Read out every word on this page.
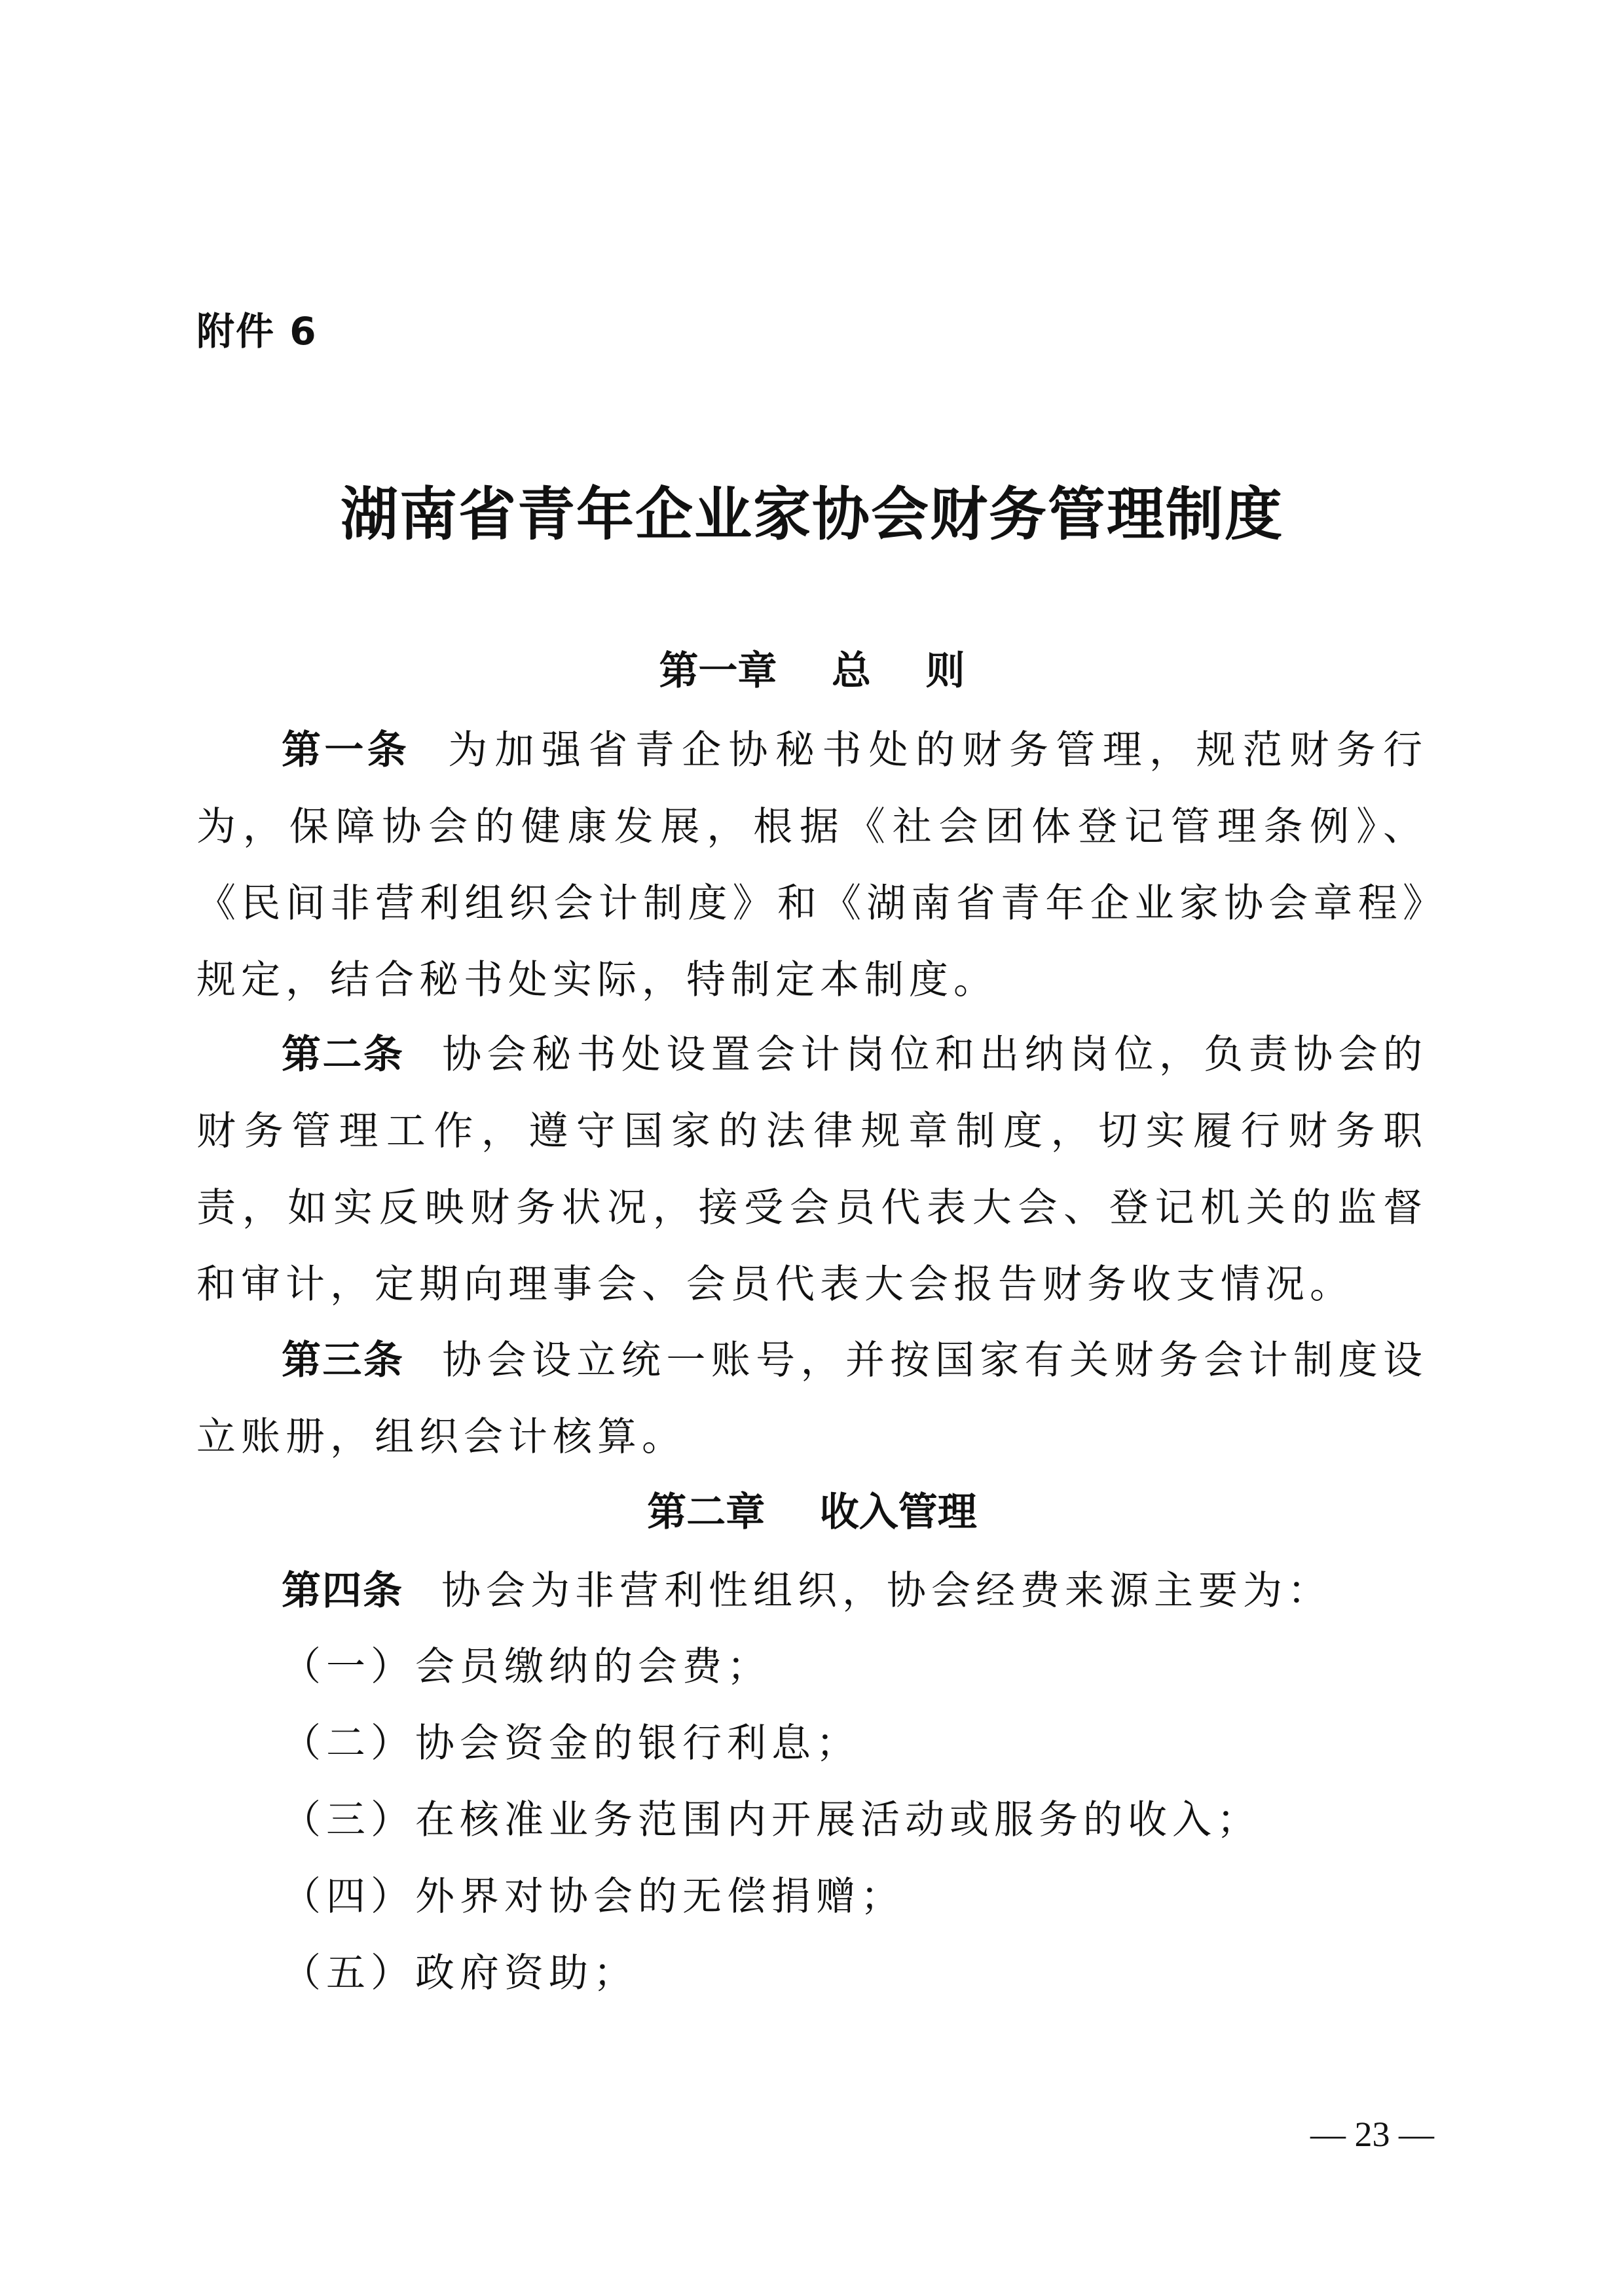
附件 6
湖南省青年企业家协会财务管理制度
第一章    总    则

第一条 为加强省青企协秘书处的财务管理，规范财务行为，保障协会的健康发展，根据《社会团体登记管理条例》、《民间非营利组织会计制度》和《湖南省青年企业家协会章程》规定，结合秘书处实际，特制定本制度。

第二条 协会秘书处设置会计岗位和出纳岗位，负责协会的财务管理工作，遵守国家的法律规章制度，切实履行财务职责，如实反映财务状况，接受会员代表大会、登记机关的监督和审计，定期向理事会、会员代表大会报告财务收支情况。

第三条 协会设立统一账号，并按国家有关财务会计制度设立账册，组织会计核算。

第二章    收入管理

第四条 协会为非营利性组织，协会经费来源主要为：

（一）会员缴纳的会费；
（二）协会资金的银行利息；
（三）在核准业务范围内开展活动或服务的收入；
（四）外界对协会的无偿捐赠；
（五）政府资助；
— 23 —
